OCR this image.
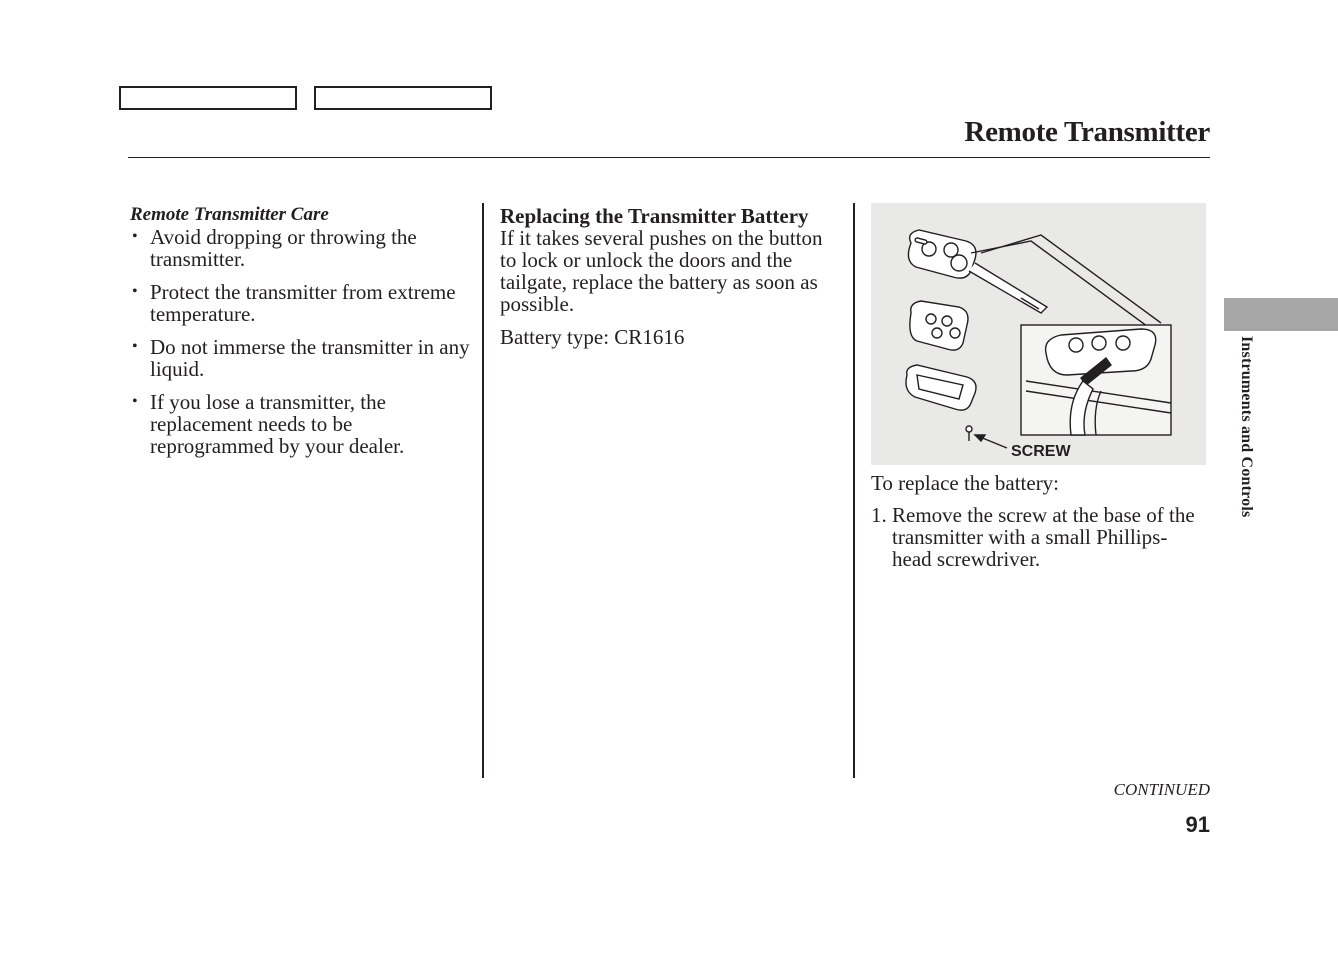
Remote Transmitter
Remote Transmitter Care
• Avoid dropping or throwing the transmitter.
• Protect the transmitter from extreme temperature.
• Do not immerse the transmitter in any liquid.
• If you lose a transmitter, the replacement needs to be reprogrammed by your dealer.

Replacing the Transmitter Battery

If it takes several pushes on the button to lock or unlock the doors and the tailgate, replace the battery as soon as possible.

Battery type: CR1616

SCREW

To replace the battery:

1. Remove the screw at the base of the transmitter with a small Phillips-head screwdriver.

Instruments and Controls
CONTINUED
91
